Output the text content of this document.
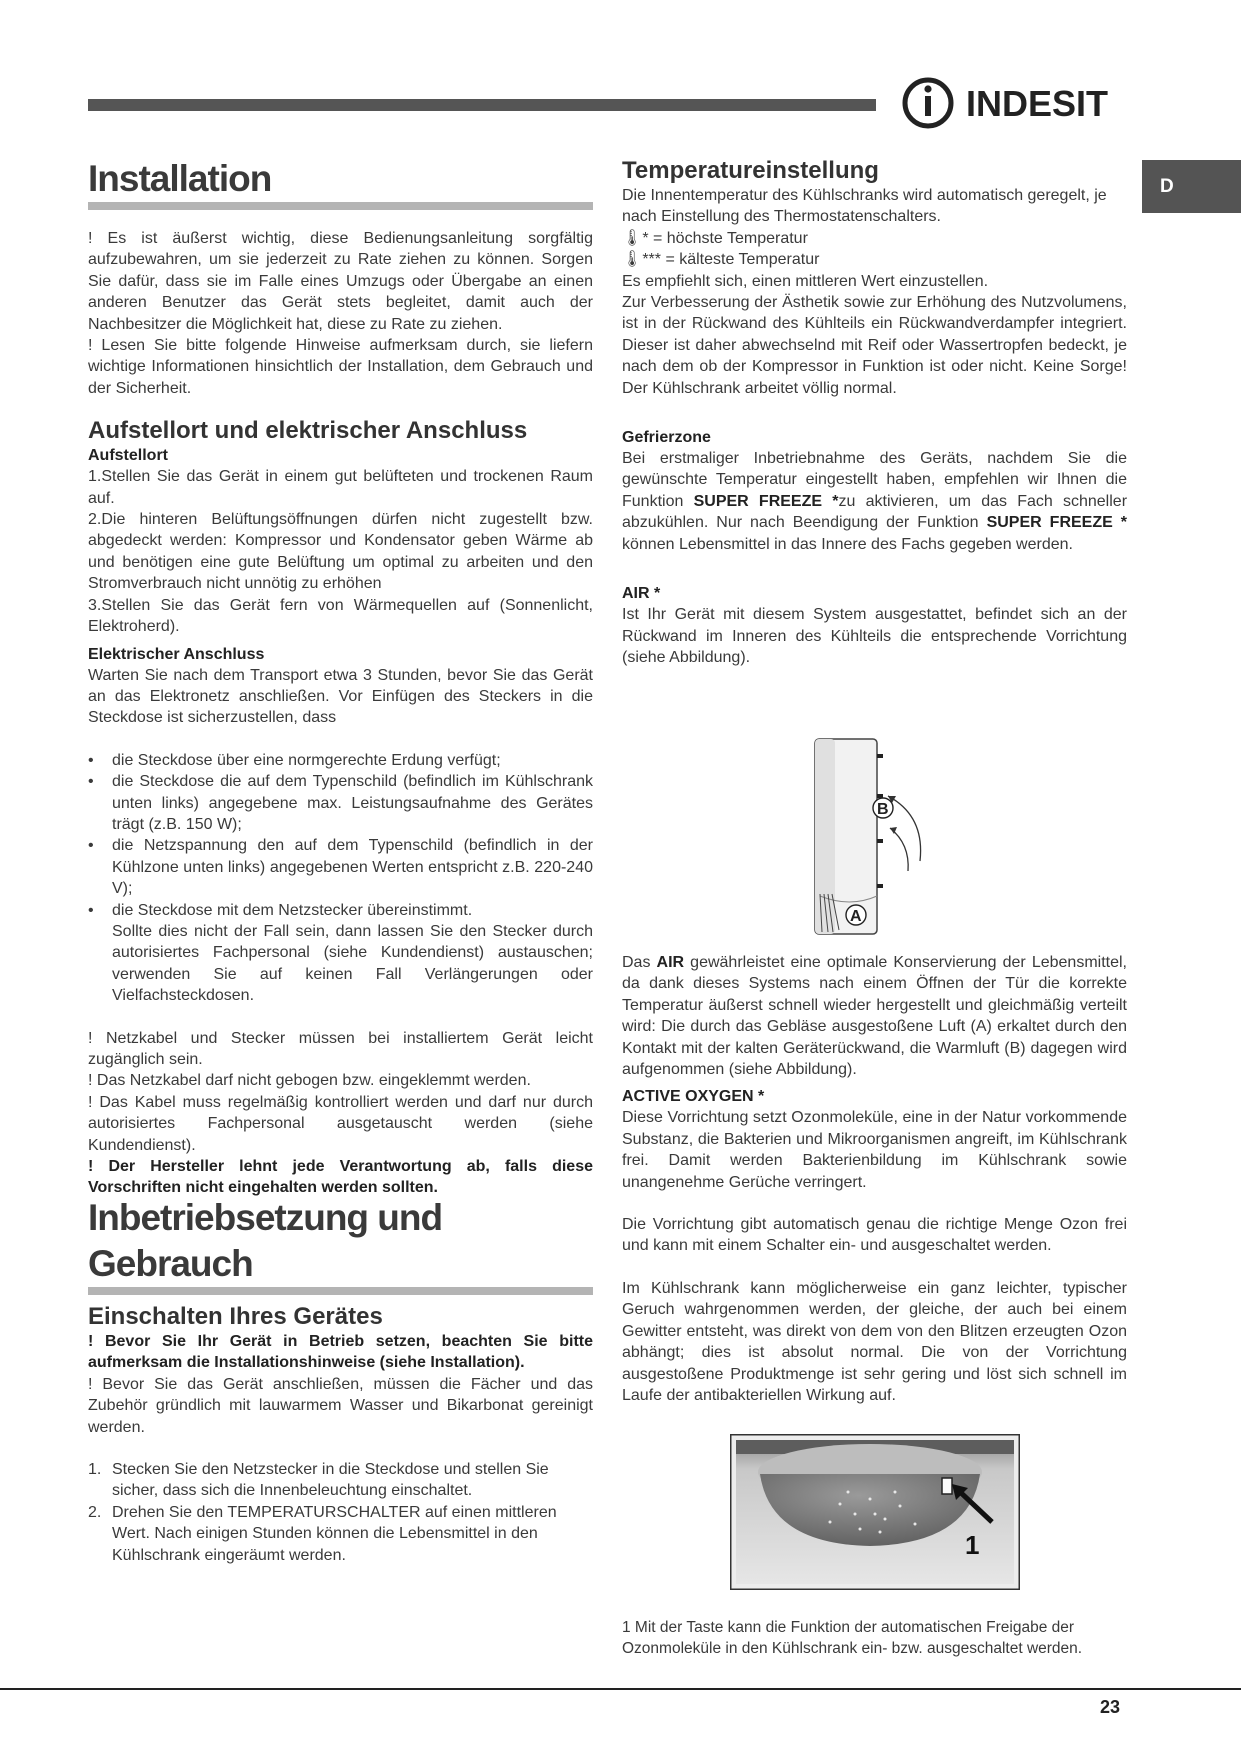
INDESIT
D
Installation

! Es ist äußerst wichtig, diese Bedienungsanleitung sorgfältig aufzubewahren, um sie jederzeit zu Rate ziehen zu können. Sorgen Sie dafür, dass sie im Falle eines Umzugs oder Übergabe an einen anderen Benutzer das Gerät stets begleitet, damit auch der Nachbesitzer die Möglichkeit hat, diese zu Rate zu ziehen.

! Lesen Sie bitte folgende Hinweise aufmerksam durch, sie liefern wichtige Informationen hinsichtlich der Installation, dem Gebrauch und der Sicherheit.

Aufstellort und elektrischer Anschluss
Aufstellort

1.Stellen Sie das Gerät in einem gut belüfteten und trockenen Raum auf.

2.Die hinteren Belüftungsöffnungen dürfen nicht zugestellt bzw. abgedeckt werden: Kompressor und Kondensator geben Wärme ab und benötigen eine gute Belüftung um optimal zu arbeiten und den Stromverbrauch nicht unnötig zu erhöhen

3.Stellen Sie das Gerät fern von Wärmequellen auf (Sonnenlicht, Elektroherd).

Elektrischer Anschluss

Warten Sie nach dem Transport etwa 3 Stunden, bevor Sie das Gerät an das Elektronetz anschließen. Vor Einfügen des Steckers in die Steckdose ist sicherzustellen, dass

• die Steckdose über eine normgerechte Erdung verfügt;
• die Steckdose die auf dem Typenschild (befindlich im Kühlschrank unten links) angegebene max. Leistungsaufnahme des Gerätes trägt (z.B. 150 W);
• die Netzspannung den auf dem Typenschild (befindlich in der Kühlzone unten links) angegebenen Werten entspricht z.B. 220-240 V);
• die Steckdose mit dem Netzstecker übereinstimmt.

Sollte dies nicht der Fall sein, dann lassen Sie den Stecker durch autorisiertes Fachpersonal (siehe Kundendienst) austauschen; verwenden Sie auf keinen Fall Verlängerungen oder Vielfachsteckdosen.

! Netzkabel und Stecker müssen bei installiertem Gerät leicht zugänglich sein.

! Das Netzkabel darf nicht gebogen bzw. eingeklemmt werden.

! Das Kabel muss regelmäßig kontrolliert werden und darf nur durch autorisiertes Fachpersonal ausgetauscht werden (siehe Kundendienst).

! Der Hersteller lehnt jede Verantwortung ab, falls diese Vorschriften nicht eingehalten werden sollten.

Inbetriebsetzung und
Gebrauch
Einschalten Ihres Gerätes

! Bevor Sie Ihr Gerät in Betrieb setzen, beachten Sie bitte aufmerksam die Installationshinweise (siehe Installation).

! Bevor Sie das Gerät anschließen, müssen die Fächer und das Zubehör gründlich mit lauwarmem Wasser und Bikarbonat gereinigt werden.

1. Stecken Sie den Netzstecker in die Steckdose und stellen Sie sicher, dass sich die Innenbeleuchtung einschaltet.
2. Drehen Sie den TEMPERATURSCHALTER auf einen mittleren Wert. Nach einigen Stunden können die Lebensmittel in den Kühlschrank eingeräumt werden.
Temperatureinstellung

Die Innentemperatur des Kühlschranks wird automatisch geregelt, je nach Einstellung des Thermostatenschalters.

🌡* = höchste Temperatur

🌡*** = kälteste Temperatur

Es empfiehlt sich, einen mittleren Wert einzustellen.

Zur Verbesserung der Ästhetik sowie zur Erhöhung des Nutzvolumens, ist in der Rückwand des Kühlteils ein Rückwandverdampfer integriert. Dieser ist daher abwechselnd mit Reif oder Wassertropfen bedeckt, je nach dem ob der Kompressor in Funktion ist oder nicht. Keine Sorge! Der Kühlschrank arbeitet völlig normal.

Gefrierzone

Bei erstmaliger Inbetriebnahme des Geräts, nachdem Sie die gewünschte Temperatur eingestellt haben, empfehlen wir Ihnen die Funktion SUPER FREEZE *zu aktivieren, um das Fach schneller abzukühlen. Nur nach Beendigung der Funktion SUPER FREEZE * können Lebensmittel in das Innere des Fachs gegeben werden.

AIR *

Ist Ihr Gerät mit diesem System ausgestattet, befindet sich an der Rückwand im Inneren des Kühlteils die entsprechende Vorrichtung (siehe Abbildung).

B
A

Das AIR gewährleistet eine optimale Konservierung der Lebensmittel, da dank dieses Systems nach einem Öffnen der Tür die korrekte Temperatur äußerst schnell wieder hergestellt und gleichmäßig verteilt wird: Die durch das Gebläse ausgestoßene Luft (A) erkaltet durch den Kontakt mit der kalten Geräterückwand, die Warmluft (B) dagegen wird aufgenommen (siehe Abbildung).

ACTIVE OXYGEN *

Diese Vorrichtung setzt Ozonmoleküle, eine in der Natur vorkommende Substanz, die Bakterien und Mikroorganismen angreift, im Kühlschrank frei. Damit werden Bakterienbildung im Kühlschrank sowie unangenehme Gerüche verringert.

Die Vorrichtung gibt automatisch genau die richtige Menge Ozon frei und kann mit einem Schalter ein- und ausgeschaltet werden.

Im Kühlschrank kann möglicherweise ein ganz leichter, typischer Geruch wahrgenommen werden, der gleiche, der auch bei einem Gewitter entsteht, was direkt von dem von den Blitzen erzeugten Ozon abhängt; dies ist absolut normal. Die von der Vorrichtung ausgestoßene Produktmenge ist sehr gering und löst sich schnell im Laufe der antibakteriellen Wirkung auf.

1
1 Mit der Taste kann die Funktion der automatischen Freigabe der Ozonmoleküle in den Kühlschrank ein- bzw. ausgeschaltet werden.
23
